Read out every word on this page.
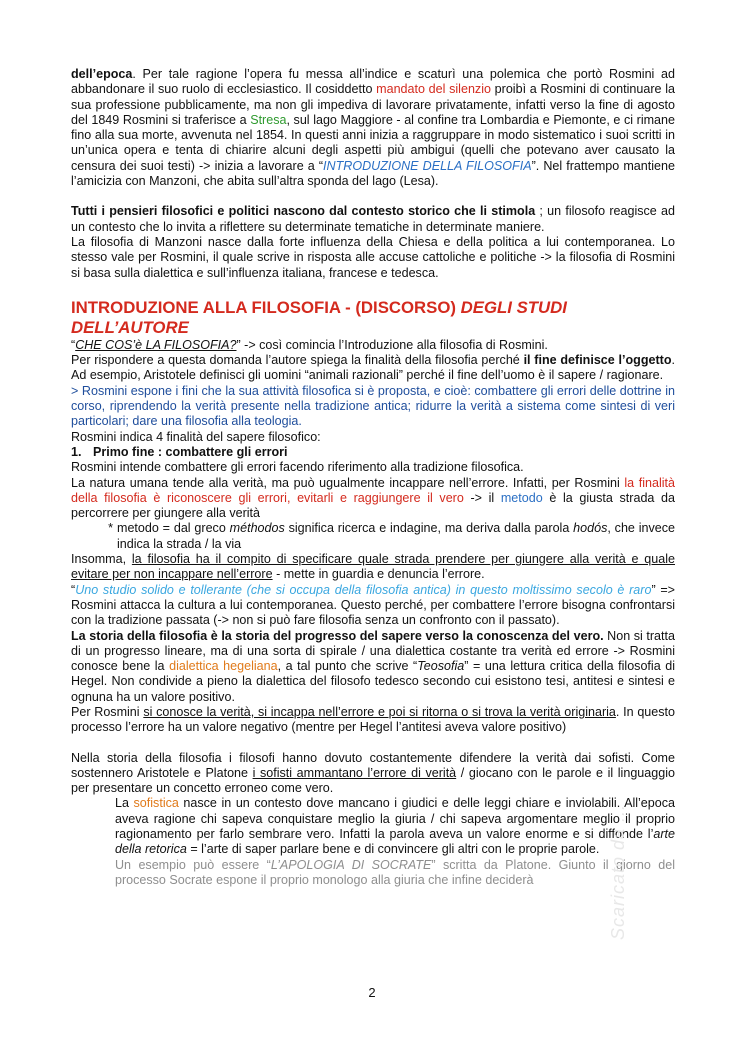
dell’epoca. Per tale ragione l’opera fu messa all’indice e scaturì una polemica che portò Rosmini ad abbandonare il suo ruolo di ecclesiastico. Il cosiddetto mandato del silenzio proibì a Rosmini di continuare la sua professione pubblicamente, ma non gli impediva di lavorare privatamente, infatti verso la fine di agosto del 1849 Rosmini si traferisce a Stresa, sul lago Maggiore - al confine tra Lombardia e Piemonte, e ci rimane fino alla sua morte, avvenuta nel 1854. In questi anni inizia a raggruppare in modo sistematico i suoi scritti in un’unica opera e tenta di chiarire alcuni degli aspetti più ambigui (quelli che potevano aver causato la censura dei suoi testi) -> inizia a lavorare a “INTRODUZIONE DELLA FILOSOFIA”. Nel frattempo mantiene l’amicizia con Manzoni, che abita sull’altra sponda del lago (Lesa).

Tutti i pensieri filosofici e politici nascono dal contesto storico che li stimola ; un filosofo reagisce ad un contesto che lo invita a riflettere su determinate tematiche in determinate maniere.

La filosofia di Manzoni nasce dalla forte influenza della Chiesa e della politica a lui contemporanea. Lo stesso vale per Rosmini, il quale scrive in risposta alle accuse cattoliche e politiche -> la filosofia di Rosmini si basa sulla dialettica e sull’influenza italiana, francese e tedesca.

INTRODUZIONE ALLA FILOSOFIA - (DISCORSO) DEGLI STUDI DELL’AUTORE

“CHE COS’è LA FILOSOFIA?” -> così comincia l’Introduzione alla filosofia di Rosmini.

Per rispondere a questa domanda l’autore spiega la finalità della filosofia perché il fine definisce l’oggetto. Ad esempio, Aristotele definisci gli uomini “animali razionali” perché il fine dell’uomo è il sapere / ragionare.

> Rosmini espone i fini che la sua attività filosofica si è proposta, e cioè: combattere gli errori delle dottrine in corso, riprendendo la verità presente nella tradizione antica; ridurre la verità a sistema come sintesi di veri particolari; dare una filosofia alla teologia.

Rosmini indica 4 finalità del sapere filosofico:

1. Primo fine : combattere gli errori

Rosmini intende combattere gli errori facendo riferimento alla tradizione filosofica.

La natura umana tende alla verità, ma può ugualmente incappare nell’errore. Infatti, per Rosmini la finalità della filosofia è riconoscere gli errori, evitarli e raggiungere il vero -> il metodo è la giusta strada da percorrere per giungere alla verità

* metodo = dal greco méthodos significa ricerca e indagine, ma deriva dalla parola hodós, che invece indica la strada / la via

Insomma, la filosofia ha il compito di specificare quale strada prendere per giungere alla verità e quale evitare per non incappare nell’errore - mette in guardia e denuncia l’errore.

“Uno studio solido e tollerante (che si occupa della filosofia antica) in questo moltissimo secolo è raro” => Rosmini attacca la cultura a lui contemporanea. Questo perché, per combattere l’errore bisogna confrontarsi con la tradizione passata (-> non si può fare filosofia senza un confronto con il passato).

La storia della filosofia è la storia del progresso del sapere verso la conoscenza del vero. Non si tratta di un progresso lineare, ma di una sorta di spirale / una dialettica costante tra verità ed errore -> Rosmini conosce bene la dialettica hegeliana, a tal punto che scrive “Teosofia” = una lettura critica della filosofia di Hegel. Non condivide a pieno la dialettica del filosofo tedesco secondo cui esistono tesi, antitesi e sintesi e ognuna ha un valore positivo.

Per Rosmini si conosce la verità, si incappa nell’errore e poi si ritorna o si trova la verità originaria. In questo processo l’errore ha un valore negativo (mentre per Hegel l’antitesi aveva valore positivo)

Nella storia della filosofia i filosofi hanno dovuto costantemente difendere la verità dai sofisti. Come sostennero Aristotele e Platone i sofisti ammantano l’errore di verità / giocano con le parole e il linguaggio per presentare un concetto erroneo come vero.

La sofistica nasce in un contesto dove mancano i giudici e delle leggi chiare e inviolabili. All’epoca aveva ragione chi sapeva conquistare meglio la giuria / chi sapeva argomentare meglio il proprio ragionamento per farlo sembrare vero. Infatti la parola aveva un valore enorme e si diffonde l’arte della retorica = l’arte di saper parlare bene e di convincere gli altri con le proprie parole.

Un esempio può essere “L’APOLOGIA DI SOCRATE” scritta da Platone. Giunto il giorno del processo Socrate espone il proprio monologo alla giuria che infine deciderà	Scaricato da ...
2
